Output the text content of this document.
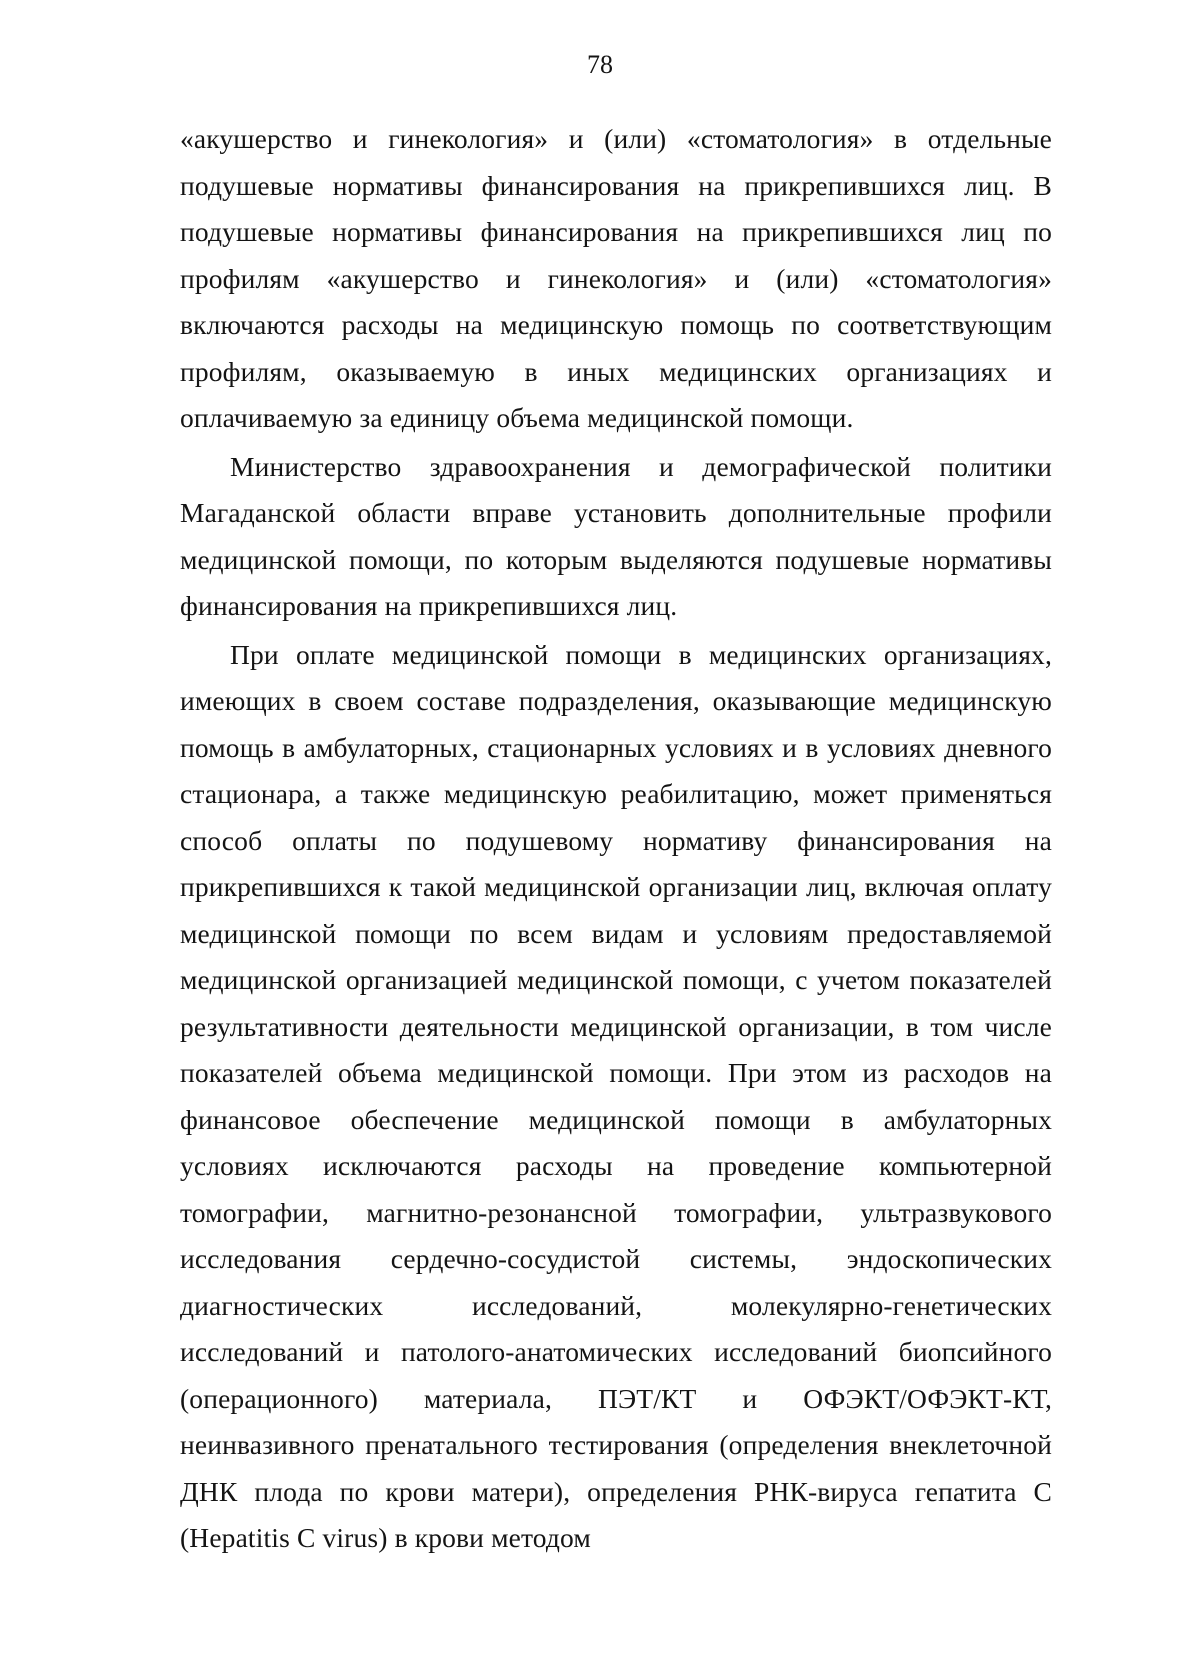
78

«акушерство и гинекология» и (или) «стоматология» в отдельные подушевые нормативы финансирования на прикрепившихся лиц. В подушевые нормативы финансирования на прикрепившихся лиц по профилям «акушерство и гинекология» и (или) «стоматология» включаются расходы на медицинскую помощь по соответствующим профилям, оказываемую в иных медицинских организациях и оплачиваемую за единицу объема медицинской помощи.

Министерство здравоохранения и демографической политики Магаданской области вправе установить дополнительные профили медицинской помощи, по которым выделяются подушевые нормативы финансирования на прикрепившихся лиц.

При оплате медицинской помощи в медицинских организациях, имеющих в своем составе подразделения, оказывающие медицинскую помощь в амбулаторных, стационарных условиях и в условиях дневного стационара, а также медицинскую реабилитацию, может применяться способ оплаты по подушевому нормативу финансирования на прикрепившихся к такой медицинской организации лиц, включая оплату медицинской помощи по всем видам и условиям предоставляемой медицинской организацией медицинской помощи, с учетом показателей результативности деятельности медицинской организации, в том числе показателей объема медицинской помощи. При этом из расходов на финансовое обеспечение медицинской помощи в амбулаторных условиях исключаются расходы на проведение компьютерной томографии, магнитно-резонансной томографии, ультразвукового исследования сердечно-сосудистой системы, эндоскопических диагностических исследований, молекулярно-генетических исследований и патолого-анатомических исследований биопсийного (операционного) материала, ПЭТ/КТ и ОФЭКТ/ОФЭКТ-КТ, неинвазивного пренатального тестирования (определения внеклеточной ДНК плода по крови матери), определения РНК-вируса гепатита С (Hepatitis C virus) в крови методом
